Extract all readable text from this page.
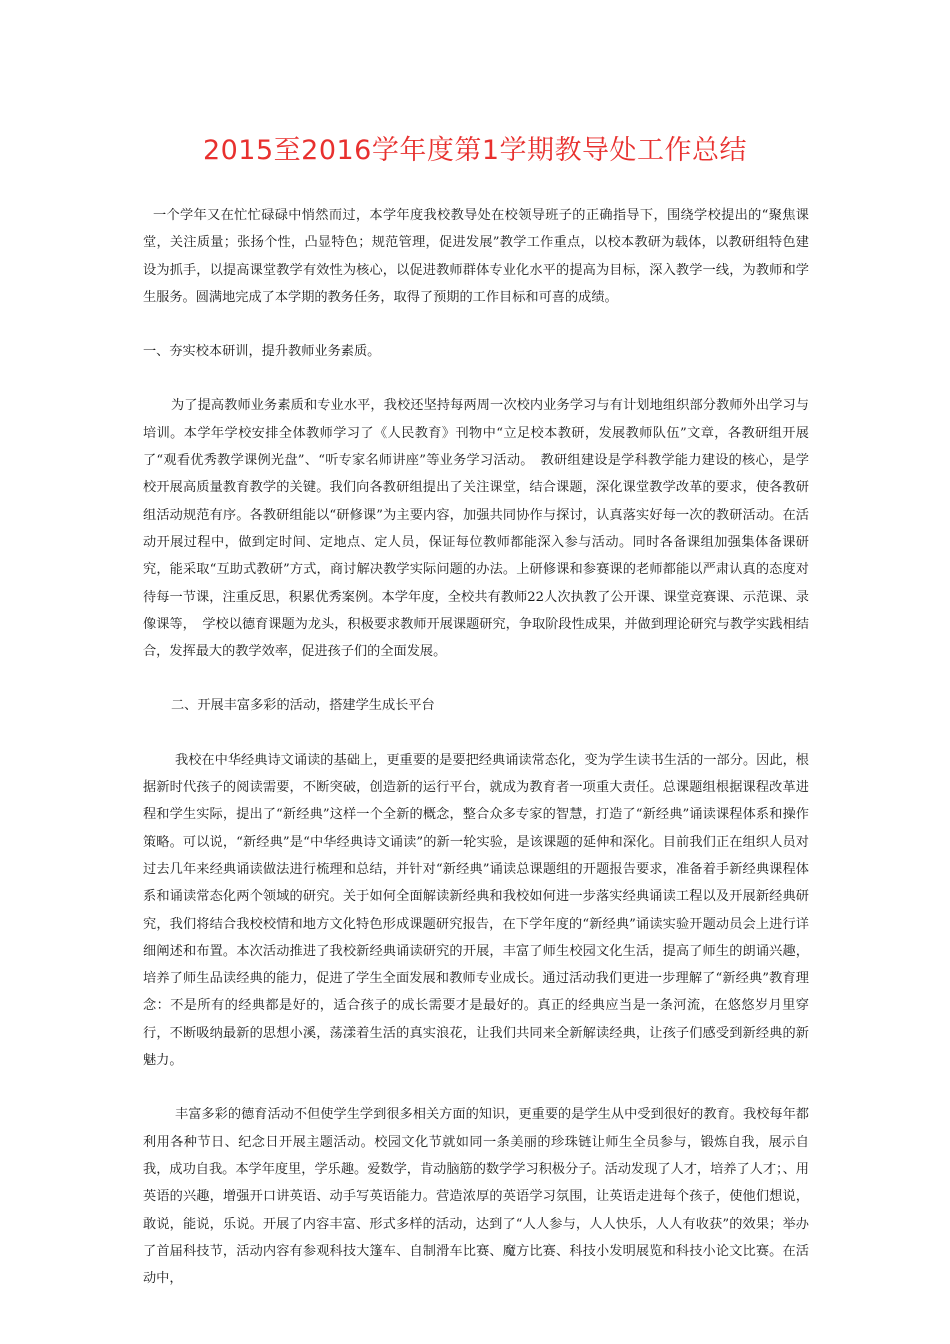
2015至2016学年度第1学期教导处工作总结

一个学年又在忙忙碌碌中悄然而过，本学年度我校教导处在校领导班子的正确指导下，围绕学校提出的“聚焦课堂，关注质量；张扬个性，凸显特色；规范管理，促进发展”教学工作重点，以校本教研为载体，以教研组特色建设为抓手，以提高课堂教学有效性为核心，以促进教师群体专业化水平的提高为目标，深入教学一线，为教师和学生服务。圆满地完成了本学期的教务任务，取得了预期的工作目标和可喜的成绩。

一、夯实校本研训，提升教师业务素质。

为了提高教师业务素质和专业水平，我校还坚持每两周一次校内业务学习与有计划地组织部分教师外出学习与培训。本学年学校安排全体教师学习了《人民教育》刊物中“立足校本教研，发展教师队伍”文章，各教研组开展了“观看优秀教学课例光盘”、“听专家名师讲座”等业务学习活动。　教研组建设是学科教学能力建设的核心，是学校开展高质量教育教学的关键。我们向各教研组提出了关注课堂，结合课题，深化课堂教学改革的要求，使各教研组活动规范有序。各教研组能以“研修课”为主要内容，加强共同协作与探讨，认真落实好每一次的教研活动。在活动开展过程中，做到定时间、定地点、定人员，保证每位教师都能深入参与活动。同时各备课组加强集体备课研究，能采取“互助式教研”方式，商讨解决教学实际问题的办法。上研修课和参赛课的老师都能以严肃认真的态度对待每一节课，注重反思，积累优秀案例。本学年度，全校共有教师22人次执教了公开课、课堂竞赛课、示范课、录像课等，　学校以德育课题为龙头，积极要求教师开展课题研究，争取阶段性成果，并做到理论研究与教学实践相结合，发挥最大的教学效率，促进孩子们的全面发展。

二、开展丰富多彩的活动，搭建学生成长平台

我校在中华经典诗文诵读的基础上，更重要的是要把经典诵读常态化，变为学生读书生活的一部分。因此，根据新时代孩子的阅读需要，不断突破，创造新的运行平台，就成为教育者一项重大责任。总课题组根据课程改革进程和学生实际，提出了“新经典”这样一个全新的概念，整合众多专家的智慧，打造了“新经典”诵读课程体系和操作策略。可以说，“新经典”是“中华经典诗文诵读”的新一轮实验，是该课题的延伸和深化。目前我们正在组织人员对过去几年来经典诵读做法进行梳理和总结，并针对“新经典”诵读总课题组的开题报告要求，准备着手新经典课程体系和诵读常态化两个领域的研究。关于如何全面解读新经典和我校如何进一步落实经典诵读工程以及开展新经典研究，我们将结合我校校情和地方文化特色形成课题研究报告，在下学年度的“新经典”诵读实验开题动员会上进行详细阐述和布置。本次活动推进了我校新经典诵读研究的开展，丰富了师生校园文化生活，提高了师生的朗诵兴趣，培养了师生品读经典的能力，促进了学生全面发展和教师专业成长。通过活动我们更进一步理解了“新经典”教育理念：不是所有的经典都是好的，适合孩子的成长需要才是最好的。真正的经典应当是一条河流，在悠悠岁月里穿行，不断吸纳最新的思想小溪，荡漾着生活的真实浪花，让我们共同来全新解读经典，让孩子们感受到新经典的新魅力。

丰富多彩的德育活动不但使学生学到很多相关方面的知识，更重要的是学生从中受到很好的教育。我校每年都利用各种节日、纪念日开展主题活动。校园文化节就如同一条美丽的珍珠链让师生全员参与，锻炼自我，展示自我，成功自我。本学年度里，学乐趣。爱数学，肯动脑筋的数学学习积极分子。活动发现了人才，培养了人才；、用英语的兴趣，增强开口讲英语、动手写英语能力。营造浓厚的英语学习氛围，让英语走进每个孩子，使他们想说，敢说，能说，乐说。开展了内容丰富、形式多样的活动，达到了“人人参与，人人快乐，人人有收获”的效果；举办了首届科技节，活动内容有参观科技大篷车、自制滑车比赛、魔方比赛、科技小发明展览和科技小论文比赛。在活动中，
